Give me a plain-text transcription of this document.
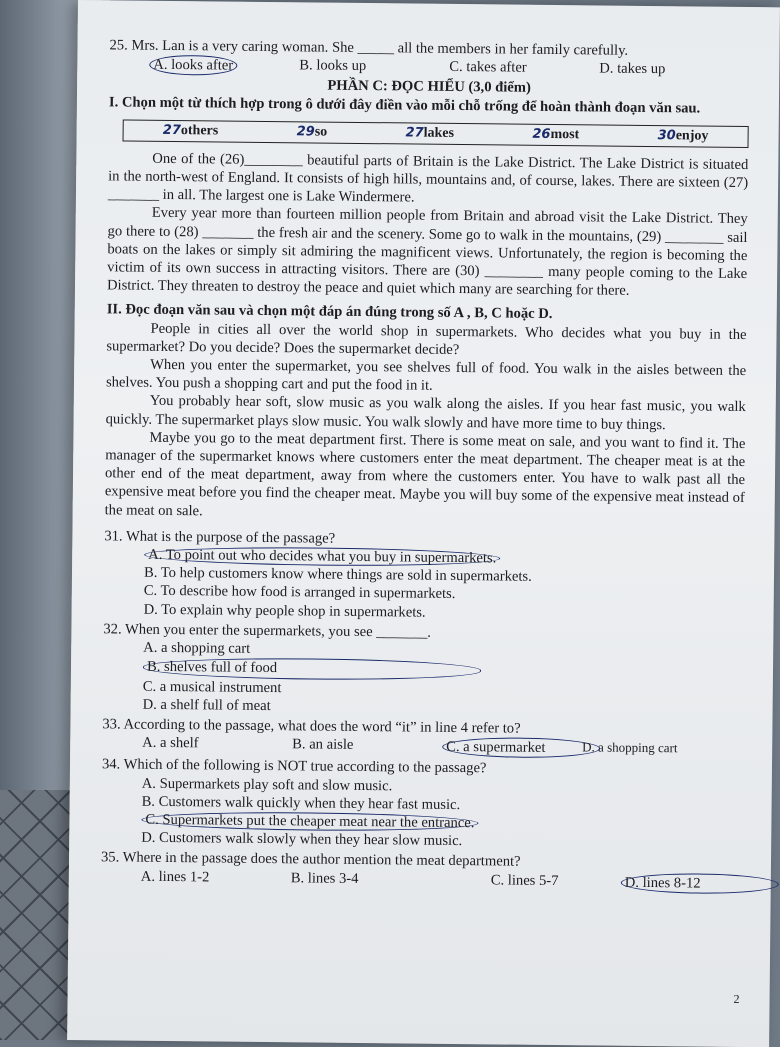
25. Mrs. Lan is a very caring woman. She _____ all the members in her family carefully.

A. looks after	B. looks up	C. takes after	D. takes up

PHẦN C: ĐỌC HIỂU (3,0 điểm)

I. Chọn một từ thích hợp trong ô dưới đây điền vào mỗi chỗ trống để hoàn thành đoạn văn sau.

27others	29so	27lakes	26most	30enjoy

One of the (26)________ beautiful parts of Britain is the Lake District. The Lake District is situated in the north-west of England. It consists of high hills, mountains and, of course, lakes. There are sixteen (27) _______ in all. The largest one is Lake Windermere.

Every year more than fourteen million people from Britain and abroad visit the Lake District. They go there to (28) _______ the fresh air and the scenery. Some go to walk in the mountains, (29) ________ sail boats on the lakes or simply sit admiring the magnificent views. Unfortunately, the region is becoming the victim of its own success in attracting visitors. There are (30) ________ many people coming to the Lake District. They threaten to destroy the peace and quiet which many are searching for there.

II. Đọc đoạn văn sau và chọn một đáp án đúng trong số A , B, C hoặc D.

People in cities all over the world shop in supermarkets. Who decides what you buy in the supermarket? Do you decide? Does the supermarket decide?

When you enter the supermarket, you see shelves full of food. You walk in the aisles between the shelves. You push a shopping cart and put the food in it.

You probably hear soft, slow music as you walk along the aisles. If you hear fast music, you walk quickly. The supermarket plays slow music. You walk slowly and have more time to buy things.

Maybe you go to the meat department first. There is some meat on sale, and you want to find it. The manager of the supermarket knows where customers enter the meat department. The cheaper meat is at the other end of the meat department, away from where the customers enter. You have to walk past all the expensive meat before you find the cheaper meat. Maybe you will buy some of the expensive meat instead of the meat on sale.

31. What is the purpose of the passage?

A. To point out who decides what you buy in supermarkets.

B. To help customers know where things are sold in supermarkets.

C. To describe how food is arranged in supermarkets.

D. To explain why people shop in supermarkets.

32. When you enter the supermarkets, you see _______.

A. a shopping cart
B. shelves full of food
C. a musical instrument
D. a shelf full of meat

33. According to the passage, what does the word “it” in line 4 refer to?

A. a shelf	B. an aisle	C. a supermarket	D. a shopping cart

34. Which of the following is NOT true according to the passage?

A. Supermarkets play soft and slow music.

B. Customers walk quickly when they hear fast music.

C. Supermarkets put the cheaper meat near the entrance.

D. Customers walk slowly when they hear slow music.

35. Where in the passage does the author mention the meat department?

A. lines 1-2	B. lines 3-4	C. lines 5-7	D. lines 8-12
2
